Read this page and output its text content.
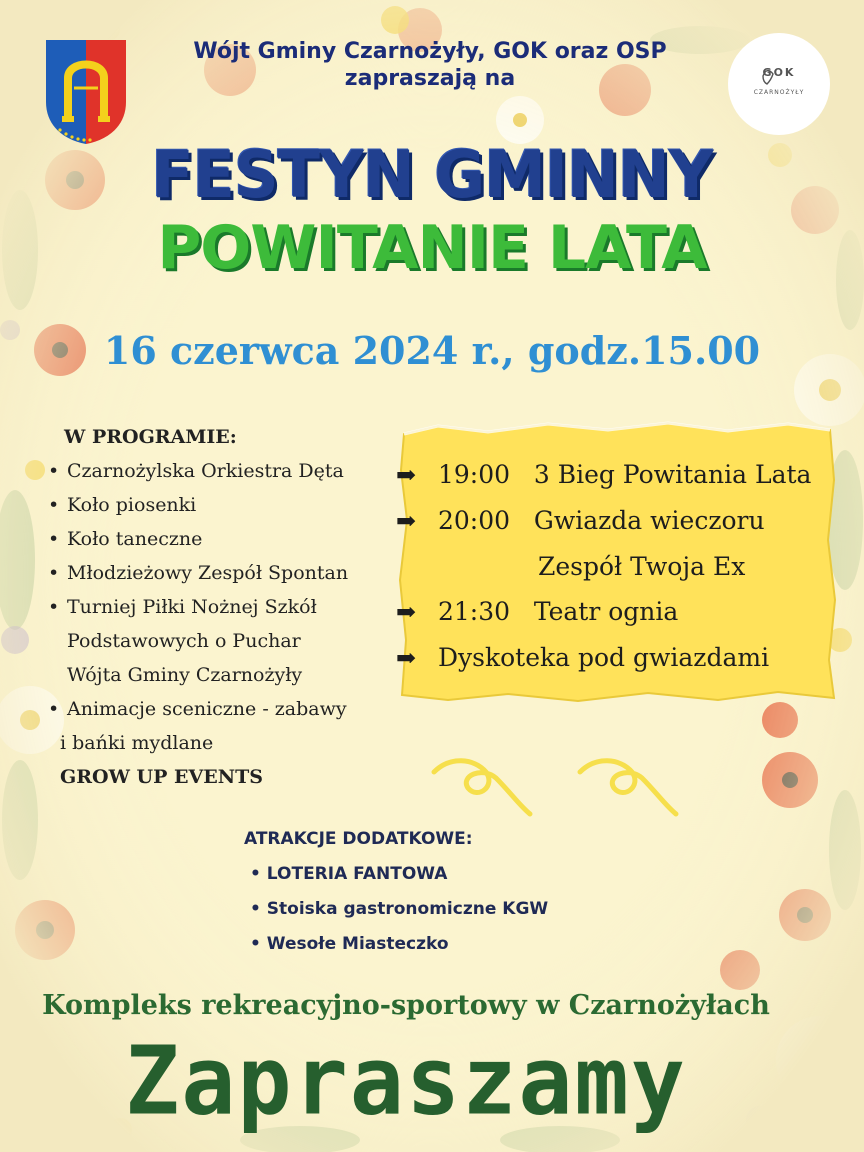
GOK
CZARNOŻYŁY
Wójt Gminy Czarnożyły, GOK oraz OSP
zapraszają na
FESTYN GMINNY
POWITANIE LATA
16 czerwca 2024 r., godz.15.00
W PROGRAMIE:
• Czarnożylska Orkiestra Dęta
• Koło piosenki
• Koło taneczne
• Młodzieżowy Zespół Spontan
• Turniej Piłki Nożnej Szkół
Podstawowych o Puchar
Wójta Gminy Czarnożyły
• Animacje sceniczne - zabawy
i bańki mydlane
GROW UP EVENTS
➡ 19:00 3 Bieg Powitania Lata
➡ 20:00 Gwiazda wieczoru
Zespół Twoja Ex
➡ 21:30 Teatr ognia
➡ Dyskoteka pod gwiazdami
ATRAKCJE DODATKOWE:
• LOTERIA FANTOWA
• Stoiska gastronomiczne KGW
• Wesołe Miasteczko
Kompleks rekreacyjno-sportowy w Czarnożyłach
Zapraszamy
